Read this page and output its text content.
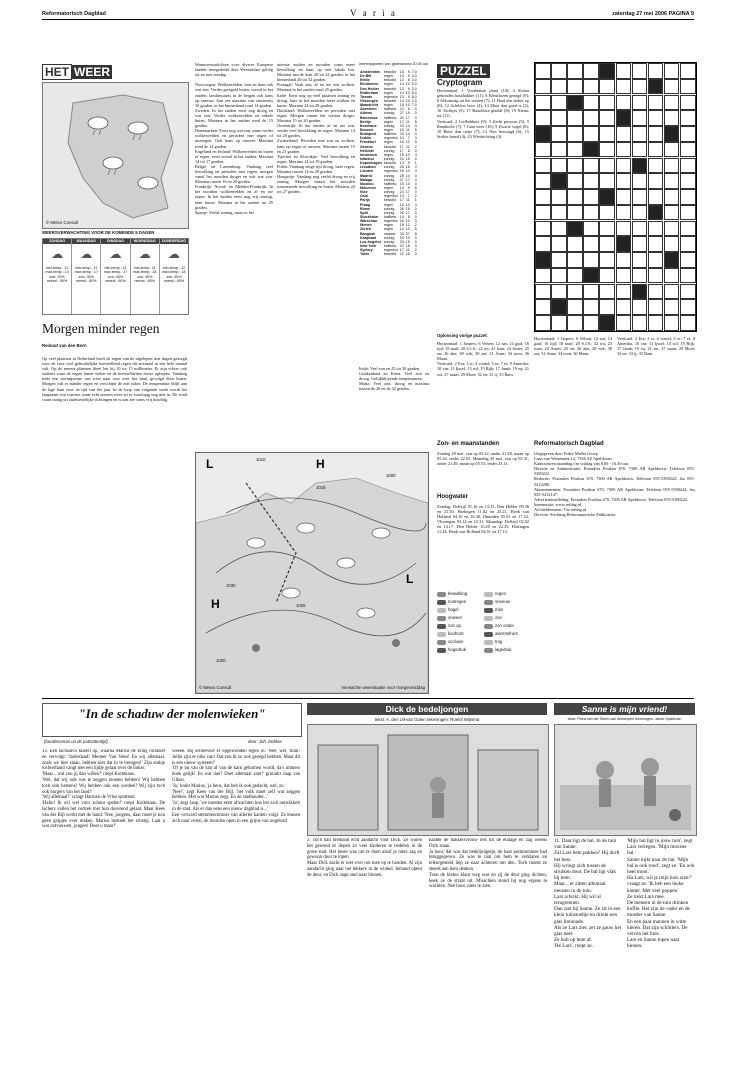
Reformatorisch Dagblad	V a r i a	zaterdag 27 mei 2006 PAGINA 9
HET WEER
© Meteo Consult
WEERSVERWACHTING VOOR DE KOMENDE 5 DAGEN
ZONDAG
☁
min.temp.: 11
max.temp.: 14
zon: 20%
neersl.: 90%
MAANDAG
☁
min.temp.: 11
max.temp.: 17
zon: 30%
neersl.: 80%
DINSDAG
☁
min.temp.: 11
max.temp.: 17
zon: 40%
neersl.: 60%
WOENSDAG
☁
min.temp.: 11
max.temp.: 18
zon: 40%
neersl.: 60%
DONDERDAG
☁
min.temp.: 12
max.temp.: 18
zon: 40%
neersl.: 60%
Morgen minder regen
Reinout van den Born
Op veel plaatsen in Nederland heeft de regen van de afgelopen tien dagen gezorgd voor de voor veel gebruikelijke hoeveelheid regen die normaal in een hele maand valt. Op de meeste plaatsen bleef het bij 10 tot 15 millimeter. Er zijn echter ook stations waar de ergste buien vielen en de hoeveelheden forser opliepen. Vandaag trekt een storingszone van west naar oost over het land, gevolgd door buien. Morgen valt er minder regen en verschijnt de zon vaker. De temperatuur blijft aan de lage kant voor de tijd van het jaar. In de loop van volgende week wordt het langzaam wat warmer, maar echt zomers weer zit er voorlopig nog niet in. De wind waait matig uit zuidwestelijke richtingen en is aan zee soms vrij krachtig.
Warmoerstuitichten voor diverse Europese landen, meegedeeld door Weeronline, geldig tot en met zondag.

Noorwegen: Wolkenvelden, hier en daar ook wat zon. Verder geregeld buien, vooral in het zuiden, landinwaarts in de bergen ook kans op sneeuw. Aan zee maxima van omstreeks 10 graden, in het binnenland rond 14 graden.
Zweden: In het zuiden eerst nog droog en wat zon. Verder wolkenvelden en enkele buien. Maxima in het zuiden rond de 15 graden.
Denemarken: Eerst nog wat zon, maar verder wolkenvelden en perioden met regen of motregen. Ook kans op onweer. Maxima rond de 14 graden.
Engeland en Ierland: Wolkenvelden en buien of regen, eerst vooral in het zuiden. Maxima 14 tot 17 graden.
België en Luxemburg: Vandaag veel bewolking en perioden met regen, morgen vanaf het noorden droger en ook wat zon. Maxima tussen 16 en 20 graden.
Frankrijk: Noord- en Midden-Frankrijk: In het noorden wolkenvelden en af en toe regen. In het zuiden eerst nog vrij zonnig, later buien. Maxima in het zuiden tot 25 graden.
Spanje: Veelal zonnig, maar in het
uiterste zuiden en noorden soms meer bewolking en kans op een lokale bui. Maxima aan de kust 20 tot 24 graden, in het binnenland 26 tot 32 graden.
Portugal: Vaak zon, af en toe wat wolken. Maxima in het zuiden rond 25 graden.
Italië: Eerst nog op veel plaatsen zonnig en droog, later in het noorden meer wolken en buien. Maxima 24 tot 28 graden.
Duitsland: Wolkenvelden en perioden met regen. Morgen vanuit het westen droger. Maxima 15 tot 20 graden.
Oostenrijk: In het zuiden af en toe zon, verder veel bewolking en regen. Maxima 14 tot 20 graden.
Zwitserland: Perioden met zon en wolken, kans op regen of onweer. Maxima tussen 15 en 21 graden.
Tsjechië en Slowakije: Veel bewolking en regen. Maxima 14 tot 19 graden.
Polen: Vandaag enige tijd droog, later regen. Maxima tussen 14 en 20 graden.
Hongarije: Vandaag nog veelal droog en vrij zonnig. Morgen vanuit het noorden toenemende bewolking en buien. Maxima 22 tot 27 graden.
weerrapporten van gisteravond 20.00 uur
Amsterdam	bewolkt	15	9	7.0
De Bilt	regen	14	9	4.0
Eelde	bewolkt	13	8	3.0
Eindhoven	regen	14	10	5.0
Den Helder	bewolkt	13	9	2.0
Rotterdam	regen	14	10	6.0
Twente	regenbui	13	9	8.0
Vlissingen	bewolkt	14	10	2.0
Maastricht	regen	15	10	7.0
Aberdeen	halfbew.	12	6	0
Athene	zonnig	27	19	0
Barcelona	halfbew.	23	17	0
Berlijn	regen	17	11	5
Bordeaux	zonnig	24	14	0
Brussel	regen	15	11	6
Budapest	halfbew.	23	14	0
Dublin	regenbui	14	7	3
Frankfurt	regen	16	12	9
Genève	bewolkt	17	11	2
Helsinki	zonnig	17	8	0
Innsbruck	regen	15	10	4
Istanbul	zonnig	23	15	0
Kopenhagen	bewolkt	14	9	1
Lissabon	zonnig	25	16	0
Londen	regenbui	16	10	4
Madrid	zonnig	28	14	0
Malaga	zonnig	27	17	0
Moskou	halfbew.	19	10	0
München	regen	14	9	6
Nice	zonnig	24	17	0
Oslo	regenbui	13	7	2
Parijs	bewolkt	17	11	1
Praag	regen	15	10	4
Rome	zonnig	26	15	0
Split	zonnig	25	17	0
Stockholm	halfbew.	15	8	0
Warschau	regenbui	16	10	3
Wenen	regen	18	12	2
Zürich	regen	14	10	5
Bangkok	onweer	33	27	8
Kaapstad	zonnig	19	10	0
Los Angeles	zonnig	24	15	0
New York	halfbew.	22	16	0
Sydney	regenbui	17	11	2
Tokio	bewolkt	22	16	0
Italië: Veel zon en 25 tot 30 graden.
Griekenland en Kreta: Veel zon en droog. Gelijkblijvende temperaturen.
Malta: Veel zon, droog en maxima tussen de 28 en de 32 graden.
PUZZEL
Cryptogram
Horizontaal: 1 Voorlaatste plant (10); 4 Sloten gebonden houthakker (11); 6 Kleurlozen gezegd (9); 8 Afkomstig uit het westen (7); 11 Haal een stoker op (8); 12 Schilfers hoor (4); 14 Maar dan goed is (2); 16 Tochtjes (5); 17 Baardloze gladde (8); 19 Nieuw tot (11).
Verticaal: 2 Liefhebbers (9); 3 Zacht persoon (5); 5 Randtocht (7); 7 Gaat weer (10); 9 Zwarte vogel (8); 10 Beter dan rietje (7); 13 Niet bewaagd (6); 15 Strikte haard (4); 23 Wiedrichting (4).
Oplossing vorige puzzel:
Horizontaal: 1 Jaspers; 6 Velsen; 12 nat; 14 gaal; 16 tijd; 18 mail; 20 S.J.S.; 22 tra; 23 foan; 24 Arnes; 25 en; 26 ake; 28 wik; 30 aai; 31 Anne; 34 toon; 36 Maan.
Verticaal: 2 Era; 3 si; 4 vontel; 5 er; 7 er; 8 Amerika; 10 vin; 11 Ijssel; 13 sol; 15 Rijk; 17 Jamk; 19 eq; 21 sot; 27 saam; 29 Moet; 32 en; 33 ij; 35 Bam.
Horizontaal: 1 Jaspers; 6 Velsen; 12 nat; 14 gaal; 16 tijd; 18 mail; 20 S.J.S.; 22 tra; 23 foan; 24 Arnes; 25 en; 26 ake; 28 wik; 30 aai; 31 Anne; 34 toon; 36 Maan.
Verticaal: 2 Era; 3 si; 4 vontel; 5 er; 7 er; 8 Amerika; 10 vin; 11 Ijssel; 13 sol; 15 Rijk; 17 Jamk; 19 eq; 21 sot; 27 saam; 29 Moet; 32 en; 33 ij; 35 Bam.
Zon- en maanstanden
Zondag 28 mei, zon op 05.32, onder 21.48, maan op 05.24, onder 22.03. Maandag 29 mei, zon op 05.31, onder 21.49, maan op 05.53, onder 23.11.
Hoogwater
Zondag: Delfzijl 01.16 en 13.33, Den Helder 09.36 en 21.50, Harlingen 11.02 en 23.21, Hoek van Holland 04.10 en 16.30, IJmuiden 05.01 en 17.22, Vlissingen 03.14 en 15.31. Maandag: Delfzijl 02.02 en 14.17, Den Helder 10.20 en 22.35, Harlingen 11.44, Hoek van Holland 04.51 en 17.13.
Reformatorisch Dagblad
Uitgegeven door Erdee Media Groep.
Laan van Westenenk 12, 7336 AZ Apeldoorn.
Kantooruren maandag t/m vrijdag van 8.00 - 16.30 uur.
Directie en Administratie: Postadres Postbus 670, 7300 AR Apeldoorn. Telefoon 055-5390222.
Redactie: Postadres Postbus 670, 7300 AR Apeldoorn. Telefoon 055-5390222; fax 055-5412288.
Abonnementen: Postadres Postbus 670, 7300 AR Apeldoorn. Telefoon 055-5390244; fax 055-5412147.
Advertentieafdeling: Postadres Postbus 670, 7300 AR Apeldoorn. Telefoon 055-5390222.
Internetsite: www.refdag.nl
Archiefdiensten: Via refdag.nl.
Directie: Stichting Reformatorische Publicaties.
L	H
H
L
1010
1015
1000
1030
1025
1020
© Meteo Consult	Verwachte weersituatie voor morgenmiddag
bewolking	regen
motregen	sneeuw
hagel	mist
onweer	zon
zon op	zon onder
koufront	warmtefront
occlusie	trog
hogedruk	lagedruk
"In de schaduw der molenwieken"
(familieroman uit de patriottentijd)	door: Joh. Dekker
13. Een lachsalvo klatert op, waarna Marius de kring rondziet en vervolgt: 'Inderdaad! Meneer Van Veen! En wij allemaal, zoals we hier staan, hebben niet dat in te brengen!' Zijn stukje tochterhand vangt met een tijdje gelaat over de linker.
'Maar... wat zou jij dan willen?' roept Kortekaas.
'Wel, dat wij ook wat te zeggen moeten hebben! Wij hebben toch ook hersens! Wij hebben ook een oordeel! Wij zijn toch ook burgers van het land!'
'Wij allemaal?' vraagt Harmen de Vries spottend.
'Hallo! Ik wil wel voor schout spelen!' roept Kortekaas. De lachers vallen het vertrek met hun daverend gelaat. Maar Kees van der Bijl werkt met de hand: 'Nee, jongens, daar moet je nou geen grapjes over maken. Marius bedoelt het ernstig. Laat u wat ontvouwen, jongen! Doet u maar!'
weeën. Hij schreeuwt er opgewonden tegen in: 'Nee, wel, flink! Jullie zijn er niks van! Dat zou ik zo ook gezegd hebben. Maar dit is een nieuw systeem!'
'Of je nu van de kist af van de karn gekomen wordt, da's immers hoek gelijk! En wat dan? Doet allemaal zoet!' grinnikt Jaap van Ulken.
'Ja,' knikt Marius, 'ja heus, dat heb ik ook gedacht, wel, zo.'
'Nee!', zegt Kees van der Bijl, 'het volk moet zelf wat zeggen hebben. Met wat Marius zegt. En de stadhouder...'
'Ja', zegt Jaap, 'we moeten eerst afwachten hoe het zich ontwikkelt in de stad. Als er dan eens een nieuw dagblad is...'
Een verward stemmenrumoer van allerlei kanten volgt. Ze leunen zich naar voren, de monden open in een grijns van ongeloof.
Dick de bedeljongen
tekst: A. den Uil-van Golen tekeningen: Roelof Wijtsma
3. Toch had niemand echt aandacht voor Dick. Ze waren het gewend er liepen zo veel kinderen te bedelen in de grote stad. Het beste was om te doen alsof je niets zag en gewoon door te lopen.
Maar Dick dacht er niet over om mee op te houden. Al zijn aandacht ging naar het lekkere in de winkel. Iemand opent de deur, en Dick stapt snel naar binnen.
haalde de bakkersvrouw iets uit de etalage en zag ineens Dick staan.
Ja hoor, dat was dat bedeljongetje, de baar portemonnee had teruggegeven. Ze was te laat om hem te verklaren en teleurgesteld liep ze naar achteren om den. Toch moest ze steeds aan hem denken.
Toen de kleine klant weg was en zij de deur ging dichten, keek ze de straat uit. Misschien stond hij nog ergens te wachten. Nee hoor, niets te zien.
Sanne is mijn vriend!
tekst: Petra van der Steen-van Antwerpen tekeningen: Jacob Spiekman
11. Daar ligt de bal. In de tuin van Sanne.
Zal Lars hem pakken? Hij durft het best.
Hij wringt zich tussen de struiken door. De bal ligt vlak bij hem.
Maar... er zitten allemaal mensen in de tuin.
Lars schrikt. Hij wil al terugrennen.
Dan ziet hij Sanne. Ze zit in een klein tuinstoeltje en drinkt een glas limonade.
Als ze Lars ziet, zet ze gauw het glas neer.
Ze holt op hem af.
'Hé Lars', roept ze.
'Mijn bal ligt in jouw tuin', zegt Lars verlegen. 'Mijn mooiste bal.'
Sanne kijkt naar de bal. 'Mijn bal is ook rood', zegt ze. 'En ook heel mooi.'
Ha Lars, wil je mijn huis zien?' vraagt ze. 'Ik heb een leuke kamer. Met veel poppen.'
Ze trekt Lars mee.
De mensen in de tuin drinken koffie. Het zijn de vader en de moeder van Sanne.
En een paar mannen in witte kleren. Dat zijn schilders. De verven het huis.
Lars en Sanne lopen naar binnen.
